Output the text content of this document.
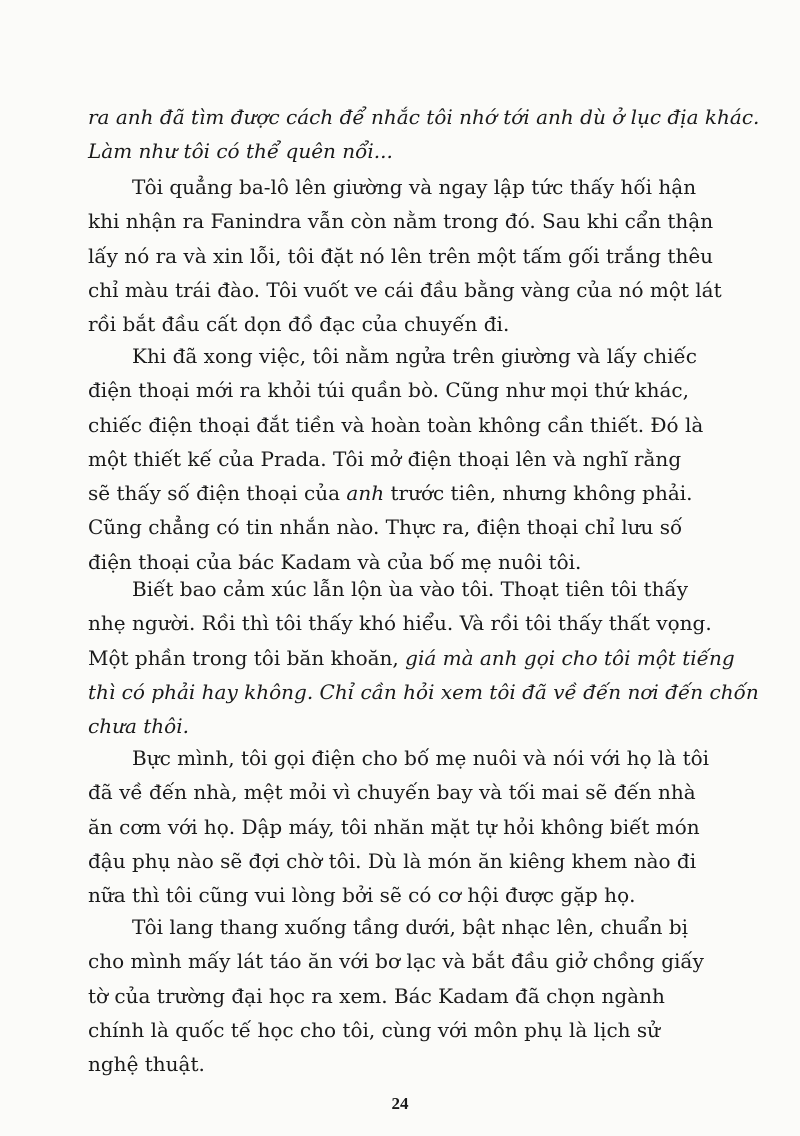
ra anh đã tìm được cách để nhắc tôi nhớ tới anh dù ở lục địa khác.
Làm như tôi có thể quên nổi...
Tôi quẳng ba-lô lên giường và ngay lập tức thấy hối hận
khi nhận ra Fanindra vẫn còn nằm trong đó. Sau khi cẩn thận
lấy nó ra và xin lỗi, tôi đặt nó lên trên một tấm gối trắng thêu
chỉ màu trái đào. Tôi vuốt ve cái đầu bằng vàng của nó một lát
rồi bắt đầu cất dọn đồ đạc của chuyến đi.
Khi đã xong việc, tôi nằm ngửa trên giường và lấy chiếc
điện thoại mới ra khỏi túi quần bò. Cũng như mọi thứ khác,
chiếc điện thoại đắt tiền và hoàn toàn không cần thiết. Đó là
một thiết kế của Prada. Tôi mở điện thoại lên và nghĩ rằng
sẽ thấy số điện thoại của anh trước tiên, nhưng không phải.
Cũng chẳng có tin nhắn nào. Thực ra, điện thoại chỉ lưu số
điện thoại của bác Kadam và của bố mẹ nuôi tôi.
Biết bao cảm xúc lẫn lộn ùa vào tôi. Thoạt tiên tôi thấy
nhẹ người. Rồi thì tôi thấy khó hiểu. Và rồi tôi thấy thất vọng.
Một phần trong tôi băn khoăn, giá mà anh gọi cho tôi một tiếng
thì có phải hay không. Chỉ cần hỏi xem tôi đã về đến nơi đến chốn
chưa thôi.
Bực mình, tôi gọi điện cho bố mẹ nuôi và nói với họ là tôi
đã về đến nhà, mệt mỏi vì chuyến bay và tối mai sẽ đến nhà
ăn cơm với họ. Dập máy, tôi nhăn mặt tự hỏi không biết món
đậu phụ nào sẽ đợi chờ tôi. Dù là món ăn kiêng khem nào đi
nữa thì tôi cũng vui lòng bởi sẽ có cơ hội được gặp họ.
Tôi lang thang xuống tầng dưới, bật nhạc lên, chuẩn bị
cho mình mấy lát táo ăn với bơ lạc và bắt đầu giở chồng giấy
tờ của trường đại học ra xem. Bác Kadam đã chọn ngành
chính là quốc tế học cho tôi, cùng với môn phụ là lịch sử
nghệ thuật.
24
